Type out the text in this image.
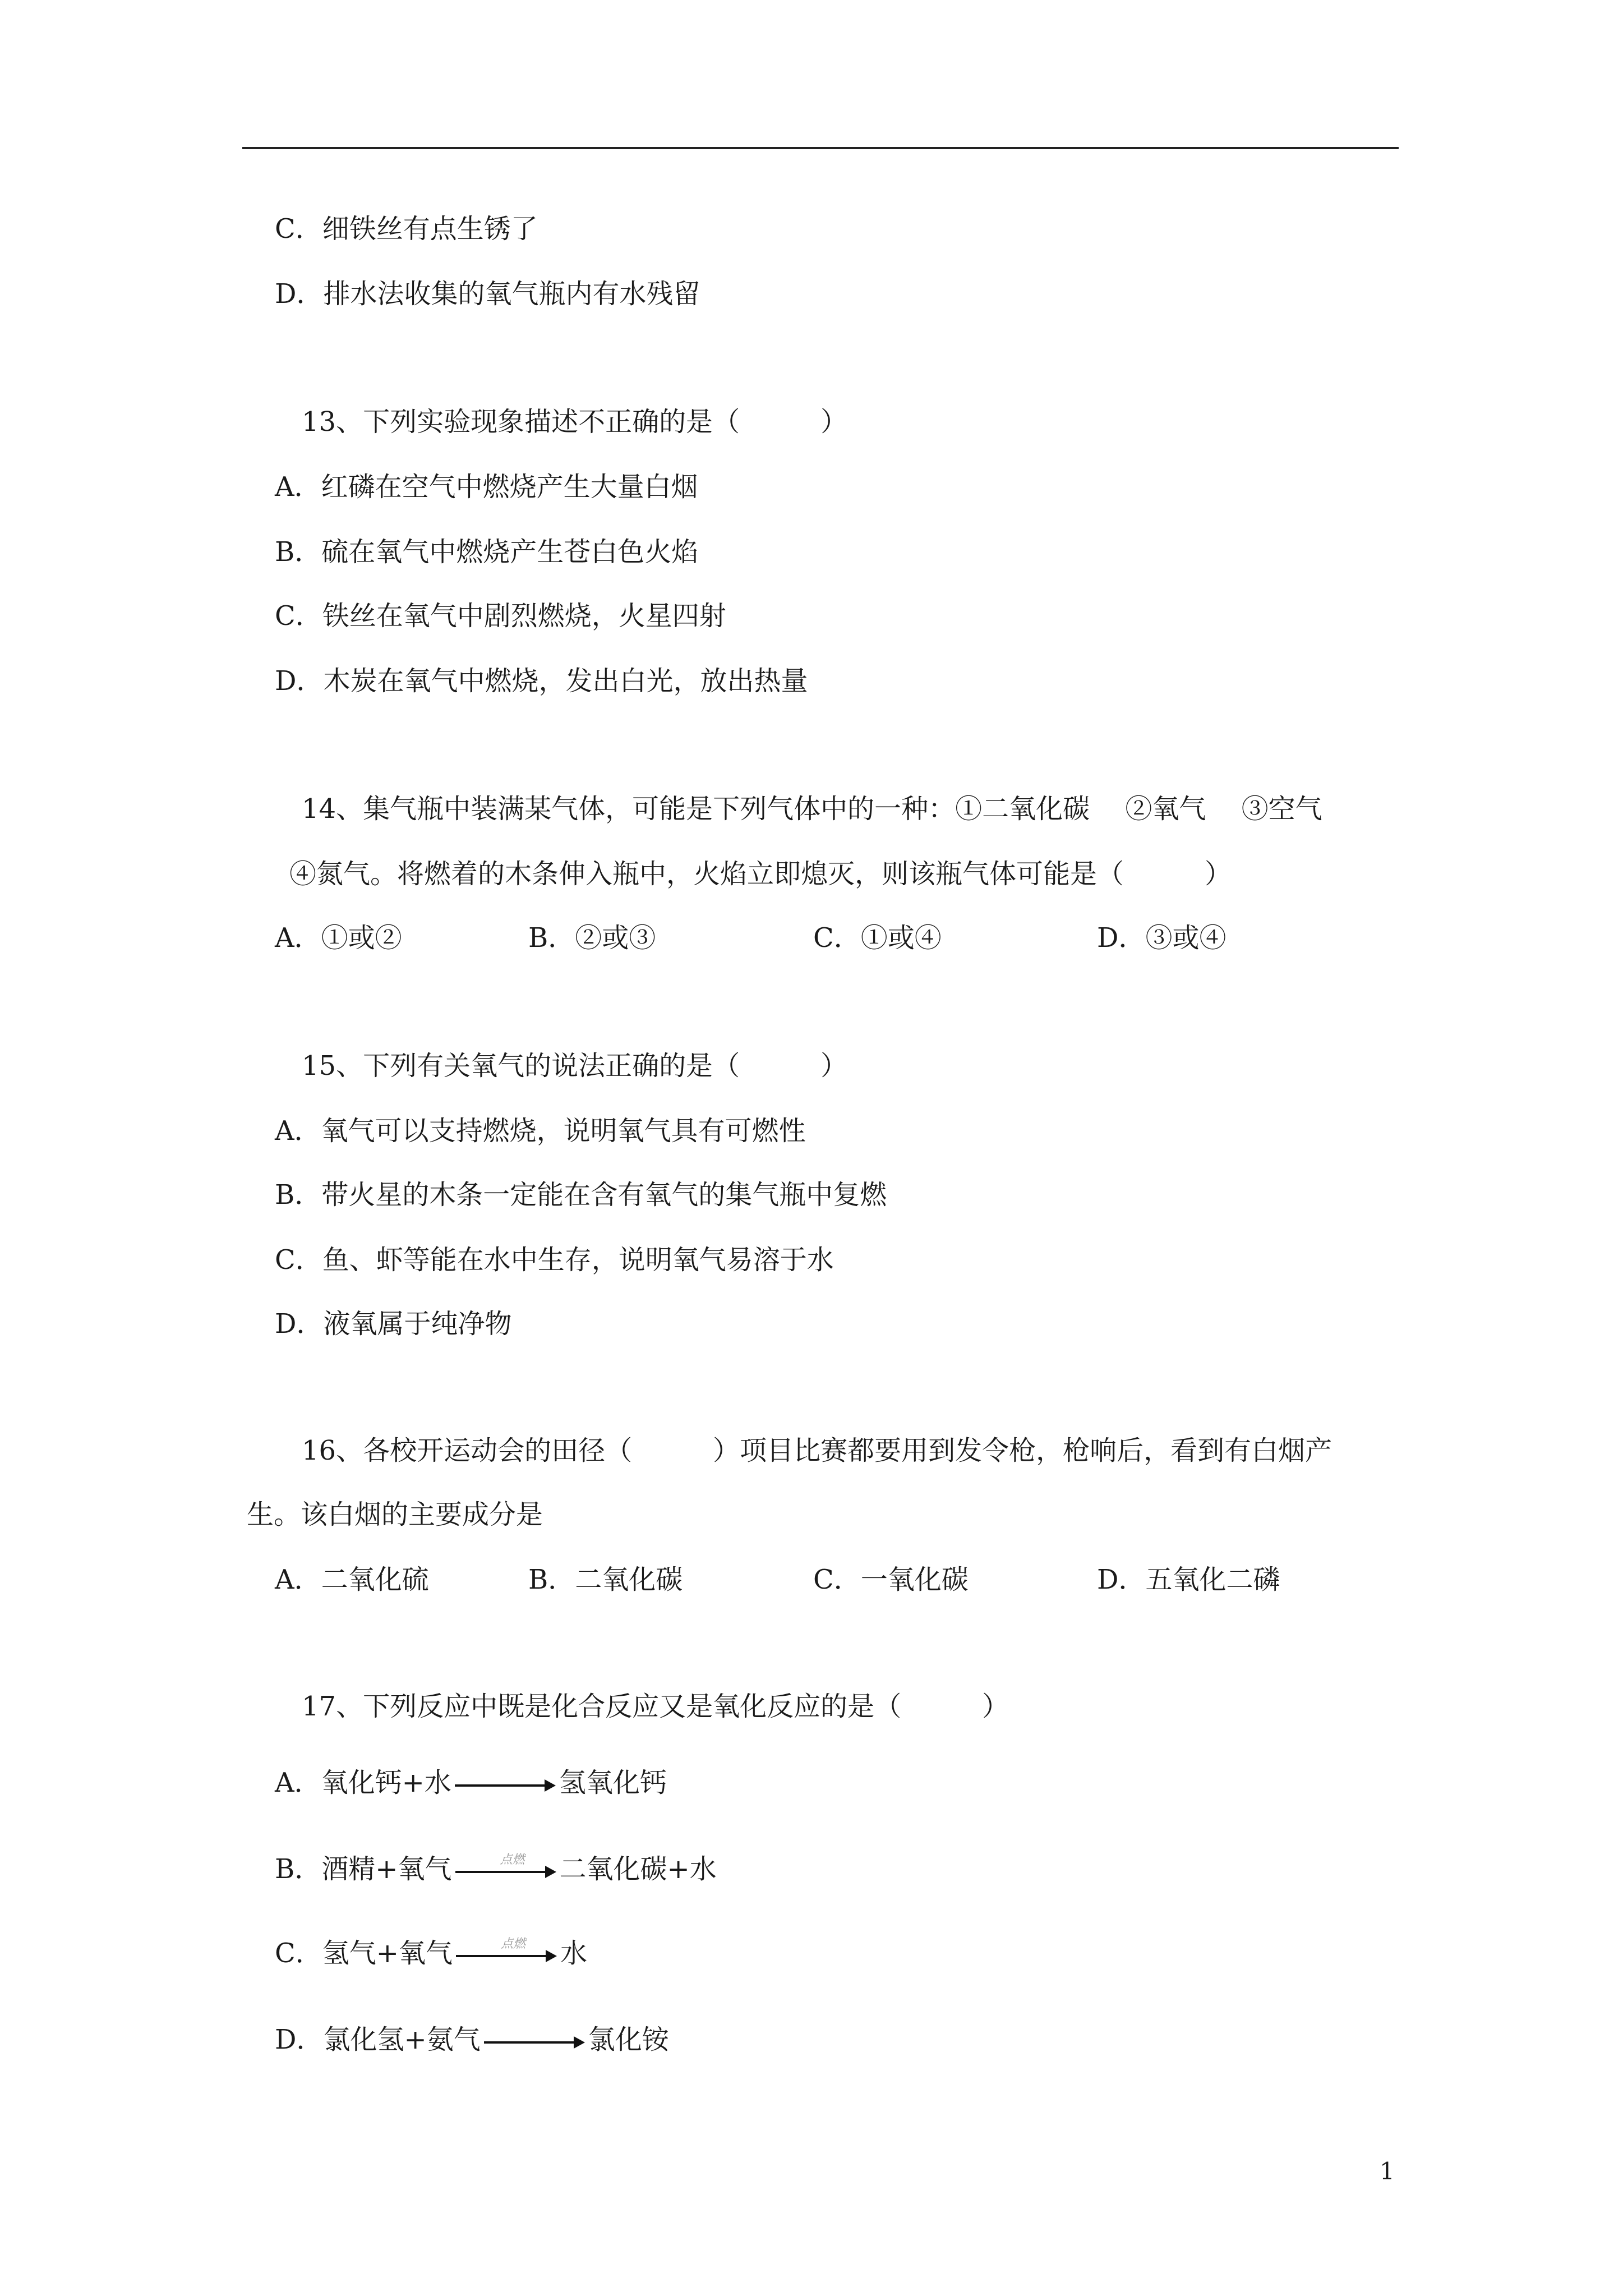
C．细铁丝有点生锈了
D．排水法收集的氧气瓶内有水残留
13、下列实验现象描述不正确的是（　　　）
A．红磷在空气中燃烧产生大量白烟
B．硫在氧气中燃烧产生苍白色火焰
C．铁丝在氧气中剧烈燃烧，火星四射
D．木炭在氧气中燃烧，发出白光，放出热量
14、集气瓶中装满某气体，可能是下列气体中的一种：①二氧化碳　 ②氧气　 ③空气
④氮气。将燃着的木条伸入瓶中，火焰立即熄灭，则该瓶气体可能是（　　　）
A．①或②	B．②或③	C．①或④	D．③或④
15、下列有关氧气的说法正确的是（　　　）
A．氧气可以支持燃烧，说明氧气具有可燃性
B．带火星的木条一定能在含有氧气的集气瓶中复燃
C．鱼、虾等能在水中生存，说明氧气易溶于水
D．液氧属于纯净物
16、各校开运动会的田径（　　　）项目比赛都要用到发令枪，枪响后，看到有白烟产
生。该白烟的主要成分是
A．二氧化硫	B．二氧化碳	C．一氧化碳	D．五氧化二磷
17、下列反应中既是化合反应又是氧化反应的是（　　　）
A．氧化钙+水	氢氧化钙
B．酒精+氧气	点燃 二氧化碳+水
C．氢气+氧气	点燃 水
D．氯化氢+氨气	氯化铵
1
